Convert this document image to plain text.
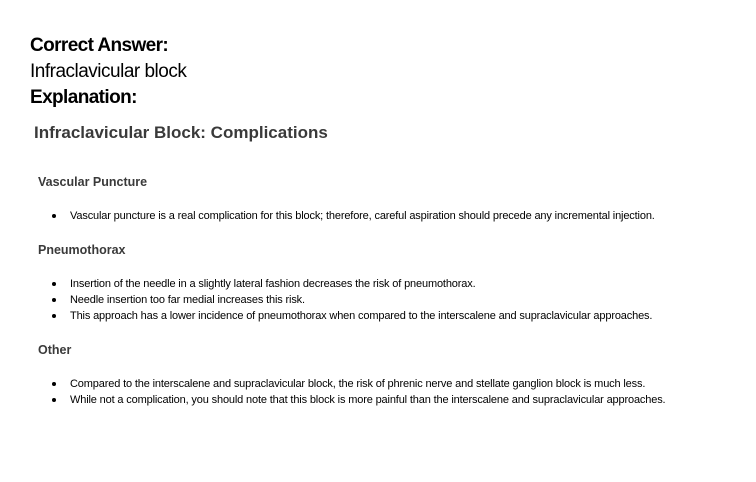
Correct Answer:
Infraclavicular block
Explanation:
Infraclavicular Block: Complications
Vascular Puncture
Vascular puncture is a real complication for this block; therefore, careful aspiration should precede any incremental injection.
Pneumothorax
Insertion of the needle in a slightly lateral fashion decreases the risk of pneumothorax.
Needle insertion too far medial increases this risk.
This approach has a lower incidence of pneumothorax when compared to the interscalene and supraclavicular approaches.
Other
Compared to the interscalene and supraclavicular block, the risk of phrenic nerve and stellate ganglion block is much less.
While not a complication, you should note that this block is more painful than the interscalene and supraclavicular approaches.
